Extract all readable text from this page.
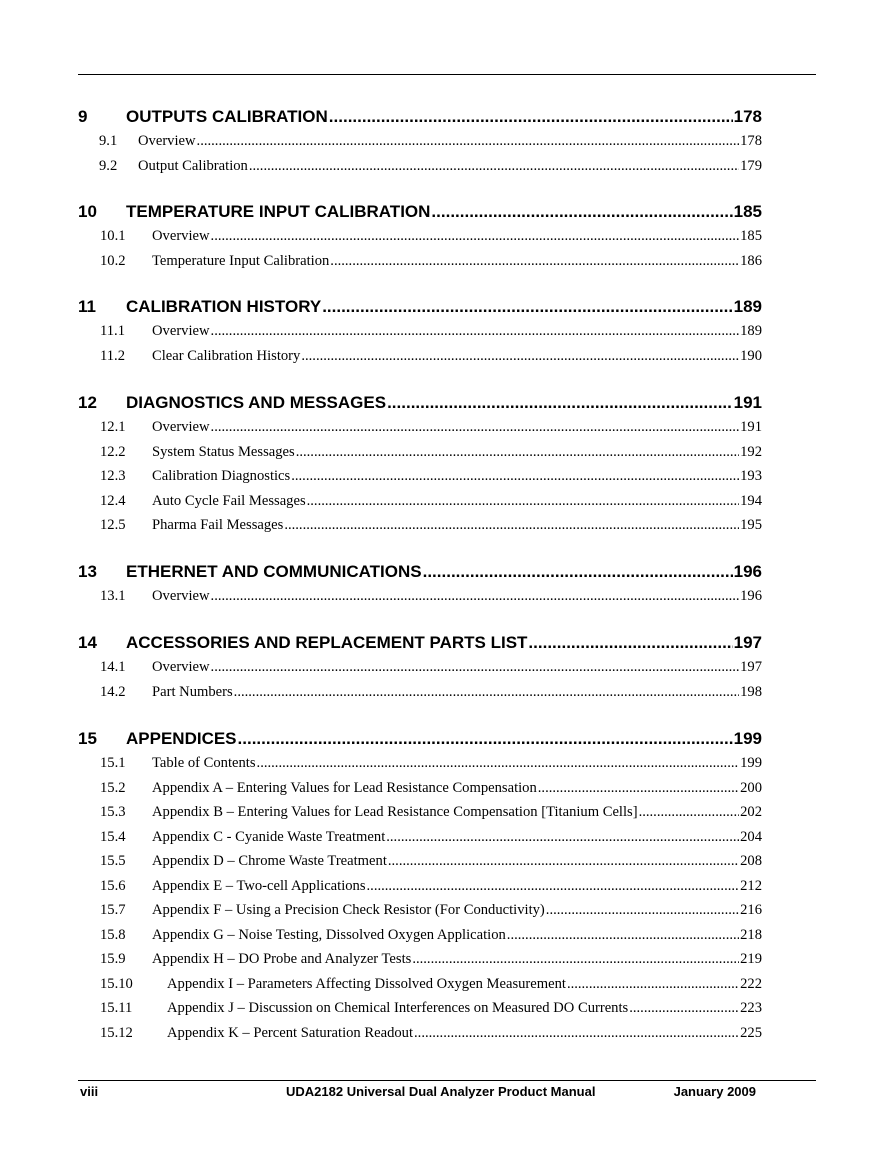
9	OUTPUTS CALIBRATION .....	178
9.1	Overview .....	178
9.2	Output Calibration .....	179
10	TEMPERATURE INPUT CALIBRATION .....	185
10.1	Overview .....	185
10.2	Temperature Input Calibration .....	186
11	CALIBRATION HISTORY .....	189
11.1	Overview .....	189
11.2	Clear Calibration History .....	190
12	DIAGNOSTICS AND MESSAGES .....	191
12.1	Overview .....	191
12.2	System Status Messages .....	192
12.3	Calibration Diagnostics .....	193
12.4	Auto Cycle Fail Messages .....	194
12.5	Pharma Fail Messages .....	195
13	ETHERNET AND COMMUNICATIONS .....	196
13.1	Overview .....	196
14	ACCESSORIES AND REPLACEMENT PARTS LIST .....	197
14.1	Overview .....	197
14.2	Part Numbers .....	198
15	APPENDICES .....	199
15.1	Table of Contents .....	199
15.2	Appendix A – Entering Values for Lead Resistance Compensation .....	200
15.3	Appendix B – Entering Values for Lead Resistance Compensation [Titanium Cells] .....	202
15.4	Appendix C - Cyanide Waste Treatment .....	204
15.5	Appendix D – Chrome Waste Treatment .....	208
15.6	Appendix E – Two-cell Applications .....	212
15.7	Appendix F – Using a Precision Check Resistor (For Conductivity) .....	216
15.8	Appendix G – Noise Testing, Dissolved Oxygen Application .....	218
15.9	Appendix H – DO Probe and Analyzer Tests .....	219
15.10	Appendix I – Parameters Affecting Dissolved Oxygen Measurement .....	222
15.11	Appendix J – Discussion on Chemical Interferences on Measured DO Currents .....	223
15.12	Appendix K – Percent Saturation Readout .....	225
viii	UDA2182 Universal Dual Analyzer Product Manual	January 2009
